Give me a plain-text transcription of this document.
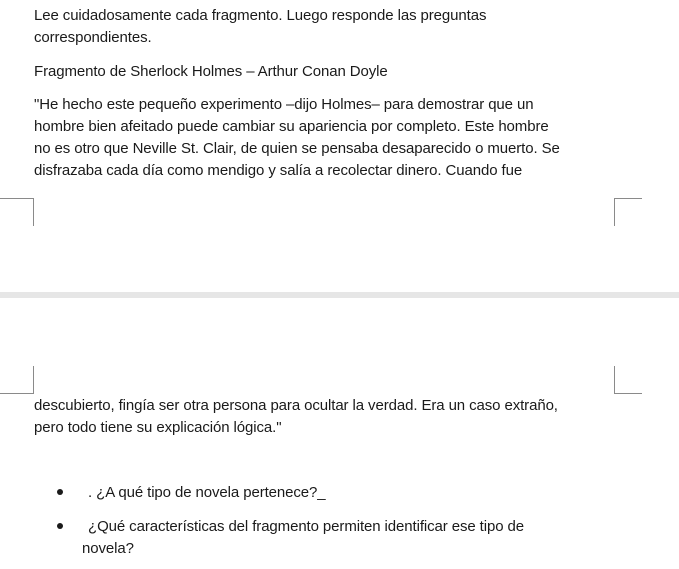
Lee cuidadosamente cada fragmento. Luego responde las preguntas

correspondientes.

Fragmento de Sherlock Holmes – Arthur Conan Doyle

"He hecho este pequeño experimento –dijo Holmes– para demostrar que un

hombre bien afeitado puede cambiar su apariencia por completo. Este hombre

no es otro que Neville St. Clair, de quien se pensaba desaparecido o muerto. Se

disfrazaba cada día como mendigo y salía a recolectar dinero. Cuando fue

descubierto, fingía ser otra persona para ocultar la verdad. Era un caso extraño,

pero todo tiene su explicación lógica."

. ¿A qué tipo de novela pertenece?_

¿Qué características del fragmento permiten identificar ese tipo de

novela?
